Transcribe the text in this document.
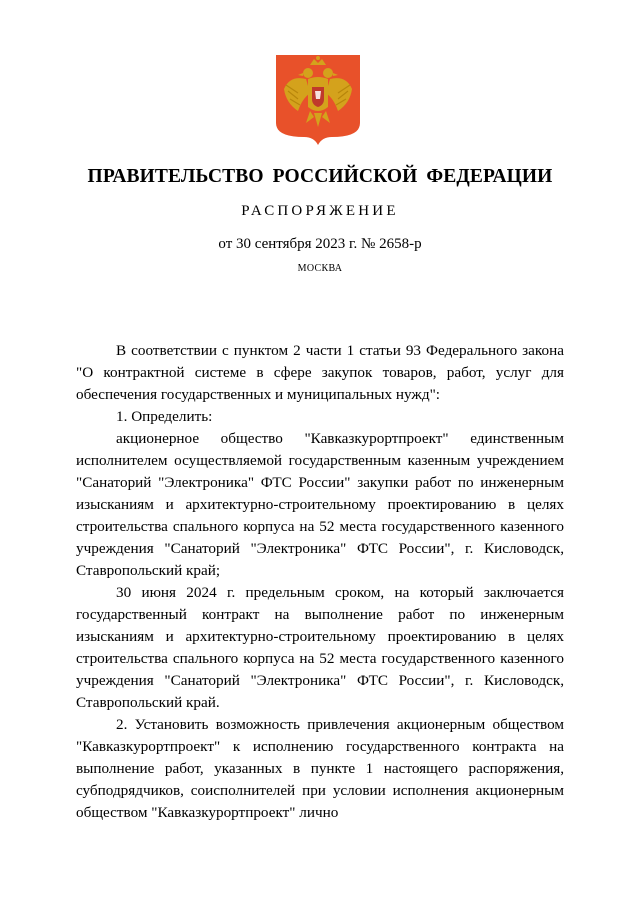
ПРАВИТЕЛЬСТВО РОССИЙСКОЙ ФЕДЕРАЦИИ
РАСПОРЯЖЕНИЕ
от 30 сентября 2023 г. № 2658-р
МОСКВА

В соответствии с пунктом 2 части 1 статьи 93 Федерального закона "О контрактной системе в сфере закупок товаров, работ, услуг для обеспечения государственных и муниципальных нужд":

1. Определить:

акционерное общество "Кавказкурортпроект" единственным исполнителем осуществляемой государственным казенным учреждением "Санаторий "Электроника" ФТС России" закупки работ по инженерным изысканиям и архитектурно-строительному проектированию в целях строительства спального корпуса на 52 места государственного казенного учреждения "Санаторий "Электроника" ФТС России", г. Кисловодск, Ставропольский край;

30 июня 2024 г. предельным сроком, на который заключается государственный контракт на выполнение работ по инженерным изысканиям и архитектурно-строительному проектированию в целях строительства спального корпуса на 52 места государственного казенного учреждения "Санаторий "Электроника" ФТС России", г. Кисловодск, Ставропольский край.

2. Установить возможность привлечения акционерным обществом "Кавказкурортпроект" к исполнению государственного контракта на выполнение работ, указанных в пункте 1 настоящего распоряжения, субподрядчиков, соисполнителей при условии исполнения акционерным обществом "Кавказкурортпроект" лично
